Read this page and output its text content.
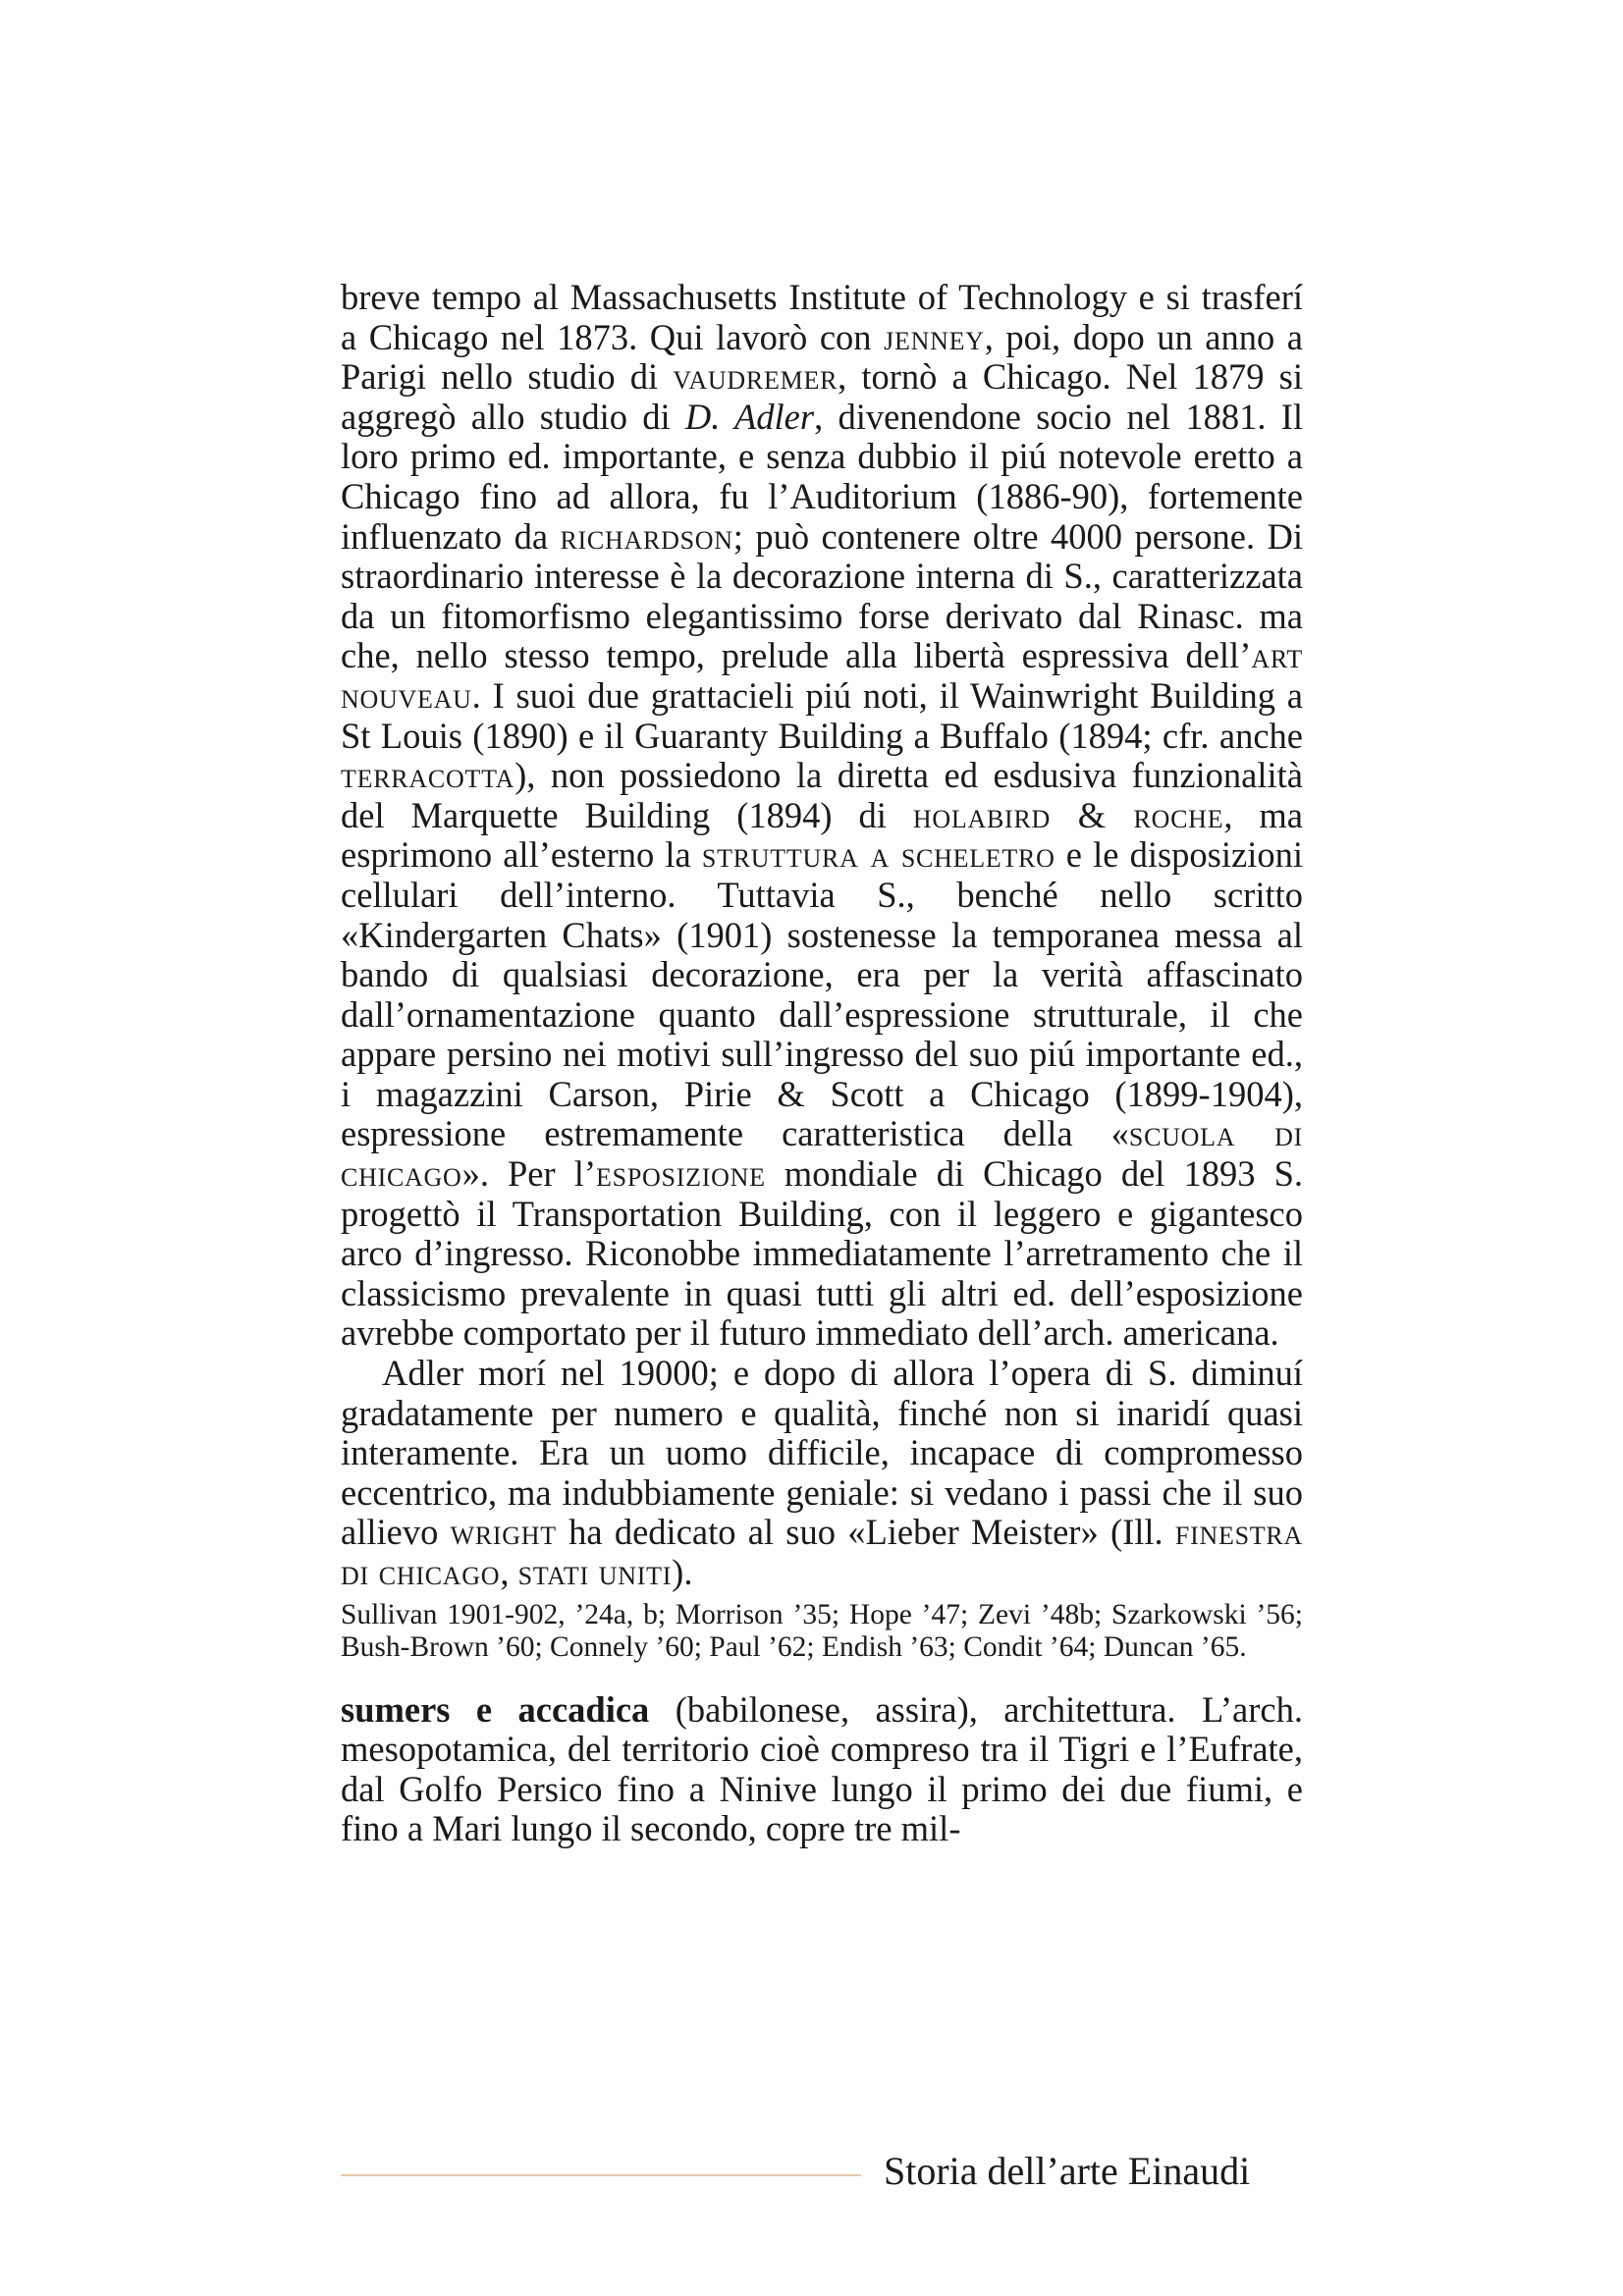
breve tempo al Massachusetts Institute of Technology e si trasferí a Chicago nel 1873. Qui lavorò con jenney, poi, dopo un anno a Parigi nello studio di vaudremer, tornò a Chicago. Nel 1879 si aggregò allo studio di D. Adler, divenendone socio nel 1881. Il loro primo ed. importante, e senza dubbio il piú notevole eretto a Chicago fino ad allora, fu l’Auditorium (1886-90), fortemente influenzato da richardson; può contenere oltre 4000 persone. Di straordinario interesse è la decorazione interna di S., caratterizzata da un fitomorfismo elegantissimo forse derivato dal Rinasc. ma che, nello stesso tempo, prelude alla libertà espressiva dell’art nouveau. I suoi due grattacieli piú noti, il Wainwright Building a St Louis (1890) e il Guaranty Building a Buffalo (1894; cfr. anche terracotta), non possiedono la diretta ed esdusiva funzionalità del Marquette Building (1894) di holabird & roche, ma esprimono all’esterno la struttura a scheletro e le disposizioni cellulari dell’interno. Tuttavia S., benché nello scritto «Kindergarten Chats» (1901) sostenesse la temporanea messa al bando di qualsiasi decorazione, era per la verità affascinato dall’ornamentazione quanto dall’espressione strutturale, il che appare persino nei motivi sull’ingresso del suo piú importante ed., i magazzini Carson, Pirie & Scott a Chicago (1899-1904), espressione estremamente caratteristica della «scuola di chicago». Per l’esposizione mondiale di Chicago del 1893 S. progettò il Transportation Building, con il leggero e gigantesco arco d’ingresso. Riconobbe immediatamente l’arretramento che il classicismo prevalente in quasi tutti gli altri ed. dell’esposizione avrebbe comportato per il futuro immediato dell’arch. americana.

Adler morí nel 19000; e dopo di allora l’opera di S. diminuí gradatamente per numero e qualità, finché non si inaridí quasi interamente. Era un uomo difficile, incapace di compromesso eccentrico, ma indubbiamente geniale: si vedano i passi che il suo allievo wright ha dedicato al suo «Lieber Meister» (Ill. finestra di chicago, stati uniti).

Sullivan 1901-902, ’24a, b; Morrison ’35; Hope ’47; Zevi ’48b; Szarkowski ’56; Bush-Brown ’60; Connely ’60; Paul ’62; Endish ’63; Condit ’64; Duncan ’65.

sumers e accadica (babilonese, assira), architettura. L’arch. mesopotamica, del territorio cioè compreso tra il Tigri e l’Eufrate, dal Golfo Persico fino a Ninive lungo il primo dei due fiumi, e fino a Mari lungo il secondo, copre tre mil-

Storia dell’arte Einaudi
